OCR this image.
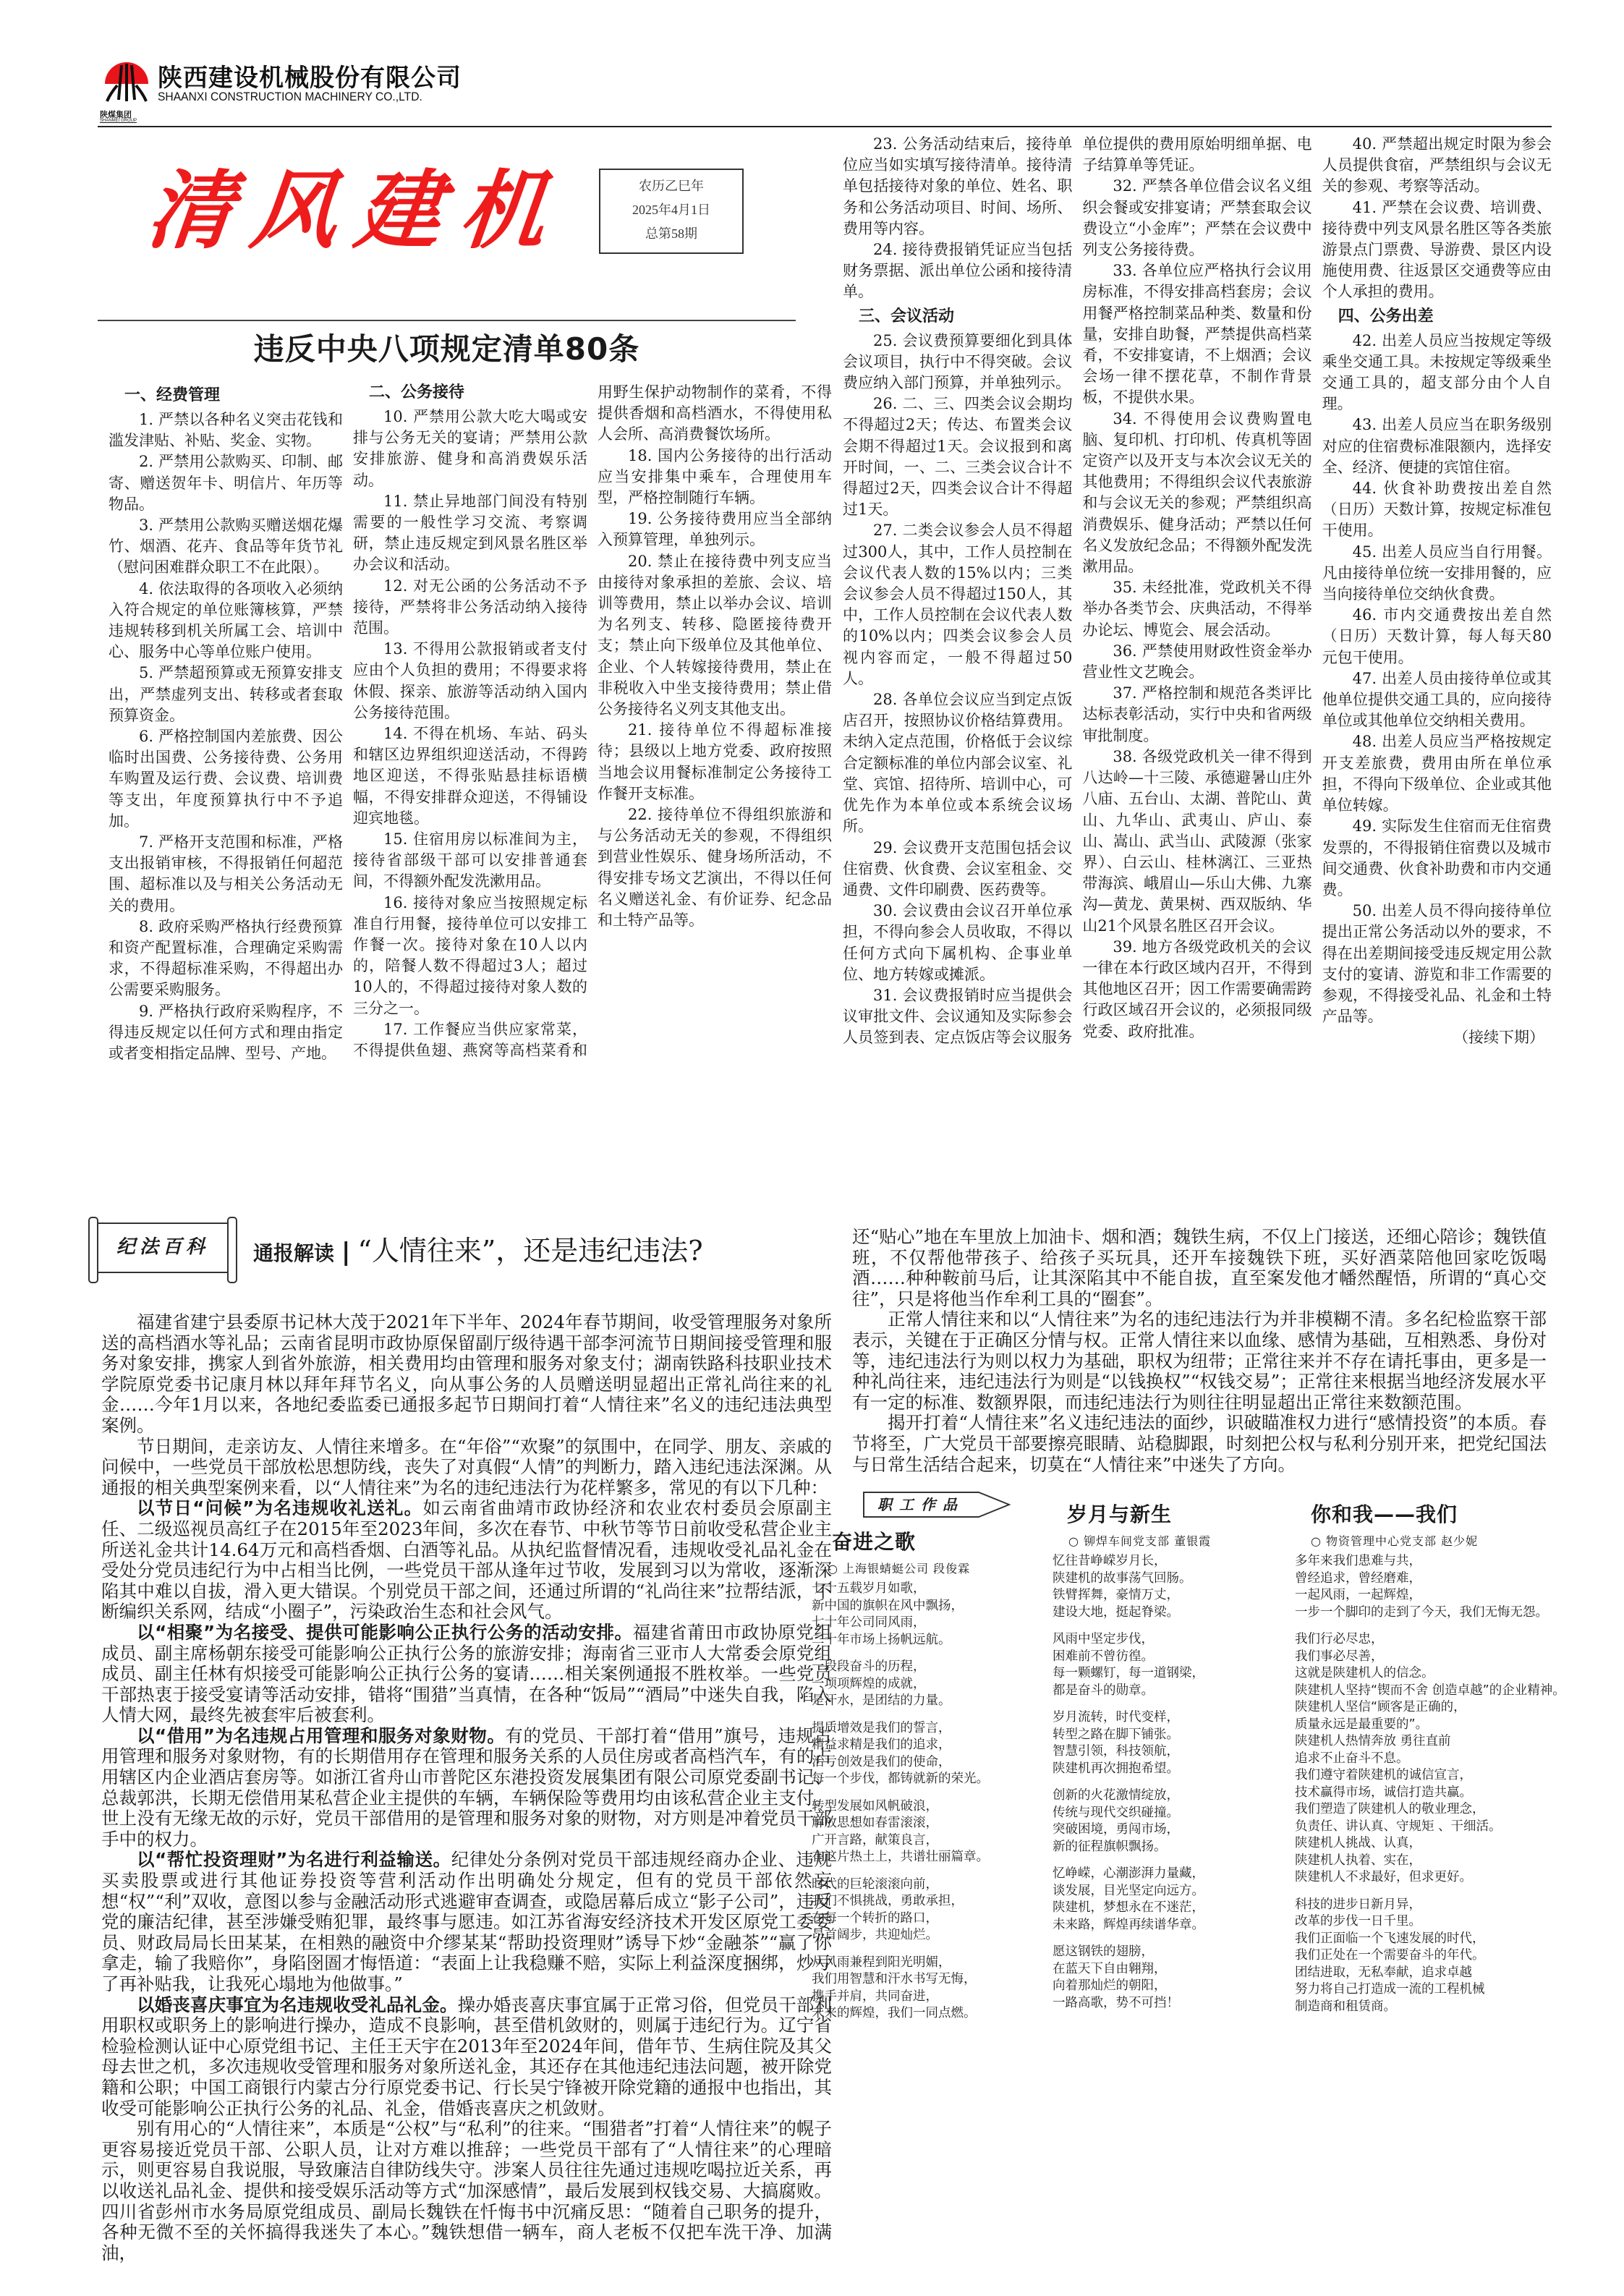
陕煤集团
SHANMEI GROUP
陕西建设机械股份有限公司
SHAANXI CONSTRUCTION MACHINERY CO.,LTD.
清风建机	农历乙巳年
2025年4月1日
总第58期
违反中央八项规定清单80条
一、经费管理

1. 严禁以各种名义突击花钱和滥发津贴、补贴、奖金、实物。

2. 严禁用公款购买、印制、邮寄、赠送贺年卡、明信片、年历等物品。

3. 严禁用公款购买赠送烟花爆竹、烟酒、花卉、食品等年货节礼（慰问困难群众职工不在此限）。

4. 依法取得的各项收入必须纳入符合规定的单位账簿核算，严禁违规转移到机关所属工会、培训中心、服务中心等单位账户使用。

5. 严禁超预算或无预算安排支出，严禁虚列支出、转移或者套取预算资金。

6. 严格控制国内差旅费、因公临时出国费、公务接待费、公务用车购置及运行费、会议费、培训费等支出，年度预算执行中不予追加。

7. 严格开支范围和标准，严格支出报销审核，不得报销任何超范围、超标准以及与相关公务活动无关的费用。

8. 政府采购严格执行经费预算和资产配置标准，合理确定采购需求，不得超标准采购，不得超出办公需要采购服务。

9. 严格执行政府采购程序，不得违反规定以任何方式和理由指定或者变相指定品牌、型号、产地。

二、公务接待

10. 严禁用公款大吃大喝或安排与公务无关的宴请；严禁用公款安排旅游、健身和高消费娱乐活动。

11. 禁止异地部门间没有特别需要的一般性学习交流、考察调研，禁止违反规定到风景名胜区举办会议和活动。

12. 对无公函的公务活动不予接待，严禁将非公务活动纳入接待范围。

13. 不得用公款报销或者支付应由个人负担的费用；不得要求将休假、探亲、旅游等活动纳入国内公务接待范围。

14. 不得在机场、车站、码头和辖区边界组织迎送活动，不得跨地区迎送，不得张贴悬挂标语横幅，不得安排群众迎送，不得铺设迎宾地毯。

15. 住宿用房以标准间为主，接待省部级干部可以安排普通套间，不得额外配发洗漱用品。

16. 接待对象应当按照规定标准自行用餐，接待单位可以安排工作餐一次。接待对象在10人以内的，陪餐人数不得超过3人；超过10人的，不得超过接待对象人数的三分之一。

17. 工作餐应当供应家常菜，不得提供鱼翅、燕窝等高档菜肴和用野生保护动物制作的菜肴，不得提供香烟和高档酒水，不得使用私人会所、高消费餐饮场所。

18. 国内公务接待的出行活动应当安排集中乘车，合理使用车型，严格控制随行车辆。

19. 公务接待费用应当全部纳入预算管理，单独列示。

20. 禁止在接待费中列支应当由接待对象承担的差旅、会议、培训等费用，禁止以举办会议、培训为名列支、转移、隐匿接待费开支；禁止向下级单位及其他单位、企业、个人转嫁接待费用，禁止在非税收入中坐支接待费用；禁止借公务接待名义列支其他支出。

21. 接待单位不得超标准接待；县级以上地方党委、政府按照当地会议用餐标准制定公务接待工作餐开支标准。

22. 接待单位不得组织旅游和与公务活动无关的参观，不得组织到营业性娱乐、健身场所活动，不得安排专场文艺演出，不得以任何名义赠送礼金、有价证券、纪念品和土特产品等。

23. 公务活动结束后，接待单位应当如实填写接待清单。接待清单包括接待对象的单位、姓名、职务和公务活动项目、时间、场所、费用等内容。

24. 接待费报销凭证应当包括财务票据、派出单位公函和接待清单。

三、会议活动

25. 会议费预算要细化到具体会议项目，执行中不得突破。会议费应纳入部门预算，并单独列示。

26. 二、三、四类会议会期均不得超过2天；传达、布置类会议会期不得超过1天。会议报到和离开时间，一、二、三类会议合计不得超过2天，四类会议合计不得超过1天。

27. 二类会议参会人员不得超过300人，其中，工作人员控制在会议代表人数的15%以内；三类会议参会人员不得超过150人，其中，工作人员控制在会议代表人数的10%以内；四类会议参会人员视内容而定，一般不得超过50人。

28. 各单位会议应当到定点饭店召开，按照协议价格结算费用。未纳入定点范围，价格低于会议综合定额标准的单位内部会议室、礼堂、宾馆、招待所、培训中心，可优先作为本单位或本系统会议场所。

29. 会议费开支范围包括会议住宿费、伙食费、会议室租金、交通费、文件印刷费、医药费等。

30. 会议费由会议召开单位承担，不得向参会人员收取，不得以任何方式向下属机构、企事业单位、地方转嫁或摊派。

31. 会议费报销时应当提供会议审批文件、会议通知及实际参会人员签到表、定点饭店等会议服务单位提供的费用原始明细单据、电子结算单等凭证。

32. 严禁各单位借会议名义组织会餐或安排宴请；严禁套取会议费设立“小金库”；严禁在会议费中列支公务接待费。

33. 各单位应严格执行会议用房标准，不得安排高档套房；会议用餐严格控制菜品种类、数量和份量，安排自助餐，严禁提供高档菜肴，不安排宴请，不上烟酒；会议会场一律不摆花草，不制作背景板，不提供水果。

34. 不得使用会议费购置电脑、复印机、打印机、传真机等固定资产以及开支与本次会议无关的其他费用；不得组织会议代表旅游和与会议无关的参观；严禁组织高消费娱乐、健身活动；严禁以任何名义发放纪念品；不得额外配发洗漱用品。

35. 未经批准，党政机关不得举办各类节会、庆典活动，不得举办论坛、博览会、展会活动。

36. 严禁使用财政性资金举办营业性文艺晚会。

37. 严格控制和规范各类评比达标表彰活动，实行中央和省两级审批制度。

38. 各级党政机关一律不得到八达岭—十三陵、承德避暑山庄外八庙、五台山、太湖、普陀山、黄山、九华山、武夷山、庐山、泰山、嵩山、武当山、武陵源（张家界）、白云山、桂林漓江、三亚热带海滨、峨眉山—乐山大佛、九寨沟—黄龙、黄果树、西双版纳、华山21个风景名胜区召开会议。

39. 地方各级党政机关的会议一律在本行政区域内召开，不得到其他地区召开；因工作需要确需跨行政区域召开会议的，必须报同级党委、政府批准。

40. 严禁超出规定时限为参会人员提供食宿，严禁组织与会议无关的参观、考察等活动。

41. 严禁在会议费、培训费、接待费中列支风景名胜区等各类旅游景点门票费、导游费、景区内设施使用费、往返景区交通费等应由个人承担的费用。

四、公务出差

42. 出差人员应当按规定等级乘坐交通工具。未按规定等级乘坐交通工具的，超支部分由个人自理。

43. 出差人员应当在职务级别对应的住宿费标准限额内，选择安全、经济、便捷的宾馆住宿。

44. 伙食补助费按出差自然（日历）天数计算，按规定标准包干使用。

45. 出差人员应当自行用餐。凡由接待单位统一安排用餐的，应当向接待单位交纳伙食费。

46. 市内交通费按出差自然（日历）天数计算，每人每天80元包干使用。

47. 出差人员由接待单位或其他单位提供交通工具的，应向接待单位或其他单位交纳相关费用。

48. 出差人员应当严格按规定开支差旅费，费用由所在单位承担，不得向下级单位、企业或其他单位转嫁。

49. 实际发生住宿而无住宿费发票的，不得报销住宿费以及城市间交通费、伙食补助费和市内交通费。

50. 出差人员不得向接待单位提出正常公务活动以外的要求，不得在出差期间接受违反规定用公款支付的宴请、游览和非工作需要的参观，不得接受礼品、礼金和土特产品等。

（接续下期）

纪法百科	通报解读 | “人情往来”，还是违纪违法?

福建省建宁县委原书记林大茂于2021年下半年、2024年春节期间，收受管理服务对象所送的高档酒水等礼品；云南省昆明市政协原保留副厅级待遇干部李河流节日期间接受管理和服务对象安排，携家人到省外旅游，相关费用均由管理和服务对象支付；湖南铁路科技职业技术学院原党委书记康月林以拜年拜节名义，向从事公务的人员赠送明显超出正常礼尚往来的礼金……今年1月以来，各地纪委监委已通报多起节日期间打着“人情往来”名义的违纪违法典型案例。

节日期间，走亲访友、人情往来增多。在“年俗”“欢聚”的氛围中，在同学、朋友、亲戚的问候中，一些党员干部放松思想防线，丧失了对真假“人情”的判断力，踏入违纪违法深渊。从通报的相关典型案例来看，以“人情往来”为名的违纪违法行为花样繁多，常见的有以下几种：

以节日“问候”为名违规收礼送礼。如云南省曲靖市政协经济和农业农村委员会原副主任、二级巡视员高红子在2015年至2023年间，多次在春节、中秋节等节日前收受私营企业主所送礼金共计14.64万元和高档香烟、白酒等礼品。从执纪监督情况看，违规收受礼品礼金在受处分党员违纪行为中占相当比例，一些党员干部从逢年过节收，发展到习以为常收，逐渐深陷其中难以自拔，滑入更大错误。个别党员干部之间，还通过所谓的“礼尚往来”拉帮结派，不断编织关系网，结成“小圈子”，污染政治生态和社会风气。

以“相聚”为名接受、提供可能影响公正执行公务的活动安排。福建省莆田市政协原党组成员、副主席杨朝东接受可能影响公正执行公务的旅游安排；海南省三亚市人大常委会原党组成员、副主任林有炽接受可能影响公正执行公务的宴请……相关案例通报不胜枚举。一些党员干部热衷于接受宴请等活动安排，错将“围猎”当真情，在各种“饭局”“酒局”中迷失自我，陷入人情大网，最终先被套牢后被套利。

以“借用”为名违规占用管理和服务对象财物。有的党员、干部打着“借用”旗号，违规占用管理和服务对象财物，有的长期借用存在管理和服务关系的人员住房或者高档汽车，有的占用辖区内企业酒店套房等。如浙江省舟山市普陀区东港投资发展集团有限公司原党委副书记、总裁郭洪，长期无偿借用某私营企业主提供的车辆，车辆保险等费用均由该私营企业主支付。世上没有无缘无故的示好，党员干部借用的是管理和服务对象的财物，对方则是冲着党员干部手中的权力。

以“帮忙投资理财”为名进行利益输送。纪律处分条例对党员干部违规经商办企业、违规买卖股票或进行其他证券投资等营利活动作出明确处分规定，但有的党员干部依然妄想“权”“利”双收，意图以参与金融活动形式逃避审查调查，或隐居幕后成立“影子公司”，违反党的廉洁纪律，甚至涉嫌受贿犯罪，最终事与愿违。如江苏省海安经济技术开发区原党工委委员、财政局局长田某某，在相熟的融资中介缪某某“帮助投资理财”诱导下炒“金融茶”“赢了你拿走，输了我赔你”，身陷囹圄才悔悟道：“表面上让我稳赚不赔，实际上利益深度捆绑，炒亏了再补贴我，让我死心塌地为他做事。”

以婚丧喜庆事宜为名违规收受礼品礼金。操办婚丧喜庆事宜属于正常习俗，但党员干部利用职权或职务上的影响进行操办，造成不良影响，甚至借机敛财的，则属于违纪行为。辽宁省检验检测认证中心原党组书记、主任王天宇在2013年至2024年间，借年节、生病住院及其父母去世之机，多次违规收受管理和服务对象所送礼金，其还存在其他违纪违法问题，被开除党籍和公职；中国工商银行内蒙古分行原党委书记、行长吴宁锋被开除党籍的通报中也指出，其收受可能影响公正执行公务的礼品、礼金，借婚丧喜庆之机敛财。

别有用心的“人情往来”，本质是“公权”与“私利”的往来。“围猎者”打着“人情往来”的幌子更容易接近党员干部、公职人员，让对方难以推辞；一些党员干部有了“人情往来”的心理暗示，则更容易自我说服，导致廉洁自律防线失守。涉案人员往往先通过违规吃喝拉近关系，再以收送礼品礼金、提供和接受娱乐活动等方式“加深感情”，最后发展到权钱交易、大搞腐败。四川省彭州市水务局原党组成员、副局长魏铁在忏悔书中沉痛反思：“随着自己职务的提升，各种无微不至的关怀搞得我迷失了本心。”魏铁想借一辆车，商人老板不仅把车洗干净、加满油，

还“贴心”地在车里放上加油卡、烟和酒；魏铁生病，不仅上门接送，还细心陪诊；魏铁值班，不仅帮他带孩子、给孩子买玩具，还开车接魏铁下班，买好酒菜陪他回家吃饭喝酒……种种鞍前马后，让其深陷其中不能自拔，直至案发他才幡然醒悟，所谓的“真心交往”，只是将他当作牟利工具的“圈套”。

正常人情往来和以“人情往来”为名的违纪违法行为并非模糊不清。多名纪检监察干部表示，关键在于正确区分情与权。正常人情往来以血缘、感情为基础，互相熟悉、身份对等，违纪违法行为则以权力为基础，职权为纽带；正常往来并不存在请托事由，更多是一种礼尚往来，违纪违法行为则是“以钱换权”“权钱交易”；正常往来根据当地经济发展水平有一定的标准、数额界限，而违纪违法行为则往往明显超出正常往来数额范围。

揭开打着“人情往来”名义违纪违法的面纱，识破瞄准权力进行“感情投资”的本质。春节将至，广大党员干部要擦亮眼睛、站稳脚跟，时刻把公权与私利分别开来，把党纪国法与日常生活结合起来，切莫在“人情往来”中迷失了方向。

职工作品
奋进之歌
○ 上海银蜻蜓公司 段俊霖
七十五载岁月如歌，
新中国的旗帜在风中飘扬，
七十年公司同风雨，
二十年市场上扬帆远航。
一段段奋斗的历程，
一项项辉煌的成就，
是汗水，是团结的力量。
提质增效是我们的誓言，
精益求精是我们的追求，
治亏创效是我们的使命，
每一个步伐，都铸就新的荣光。
转型发展如风帆破浪，
解放思想如春雷滚滚，
广开言路，献策良言，
在这片热土上，共谱壮丽篇章。
时代的巨轮滚滚向前，
我们不惧挑战，勇敢承担，
在每一个转折的路口，
昂首阔步，共迎灿烂。
从风雨兼程到阳光明媚，
我们用智慧和汗水书写无悔，
携手并肩，共同奋进，
未来的辉煌，我们一同点燃。
岁月与新生
○ 铆焊车间党支部 董银霞
忆往昔峥嵘岁月长，
陕建机的故事荡气回肠。
铁臂挥舞，豪情万丈，
建设大地，挺起脊梁。
风雨中坚定步伐，
困难前不曾彷徨。
每一颗螺钉，每一道钢梁，
都是奋斗的勋章。
岁月流转，时代变样，
转型之路在脚下铺张。
智慧引领，科技领航，
陕建机再次拥抱希望。
创新的火花激情绽放，
传统与现代交织碰撞。
突破困境，勇闯市场，
新的征程旗帜飘扬。
忆峥嵘，心潮澎湃力量藏，
谈发展，目光坚定向远方。
陕建机，梦想永在不迷茫，
未来路，辉煌再续谱华章。
愿这钢铁的翅膀，
在蓝天下自由翱翔，
向着那灿烂的朝阳，
一路高歌，势不可挡！
你和我——我们
○ 物资管理中心党支部 赵少妮
多年来我们患难与共，
曾经追求，曾经磨难，
一起风雨，一起辉煌，
一步一个脚印的走到了今天，我们无悔无怨。
我们行必尽忠，
我们事必尽善，
这就是陕建机人的信念。
陕建机人坚持“锲而不舍 创造卓越”的企业精神。
陕建机人坚信“顾客是正确的，
质量永远是最重要的”。
陕建机人热情奔放 勇往直前
追求不止奋斗不息。
我们遵守着陕建机的诚信宣言，
技术赢得市场，诚信打造共赢。
我们塑造了陕建机人的敬业理念，
负责任、讲认真、守规矩 、干细活。
陕建机人挑战、认真，
陕建机人执着、实在，
陕建机人不求最好，但求更好。
科技的进步日新月异，
改革的步伐一日千里。
我们正面临一个飞速发展的时代，
我们正处在一个需要奋斗的年代。
团结进取，无私奉献，追求卓越
努力将自己打造成一流的工程机械
制造商和租赁商。
